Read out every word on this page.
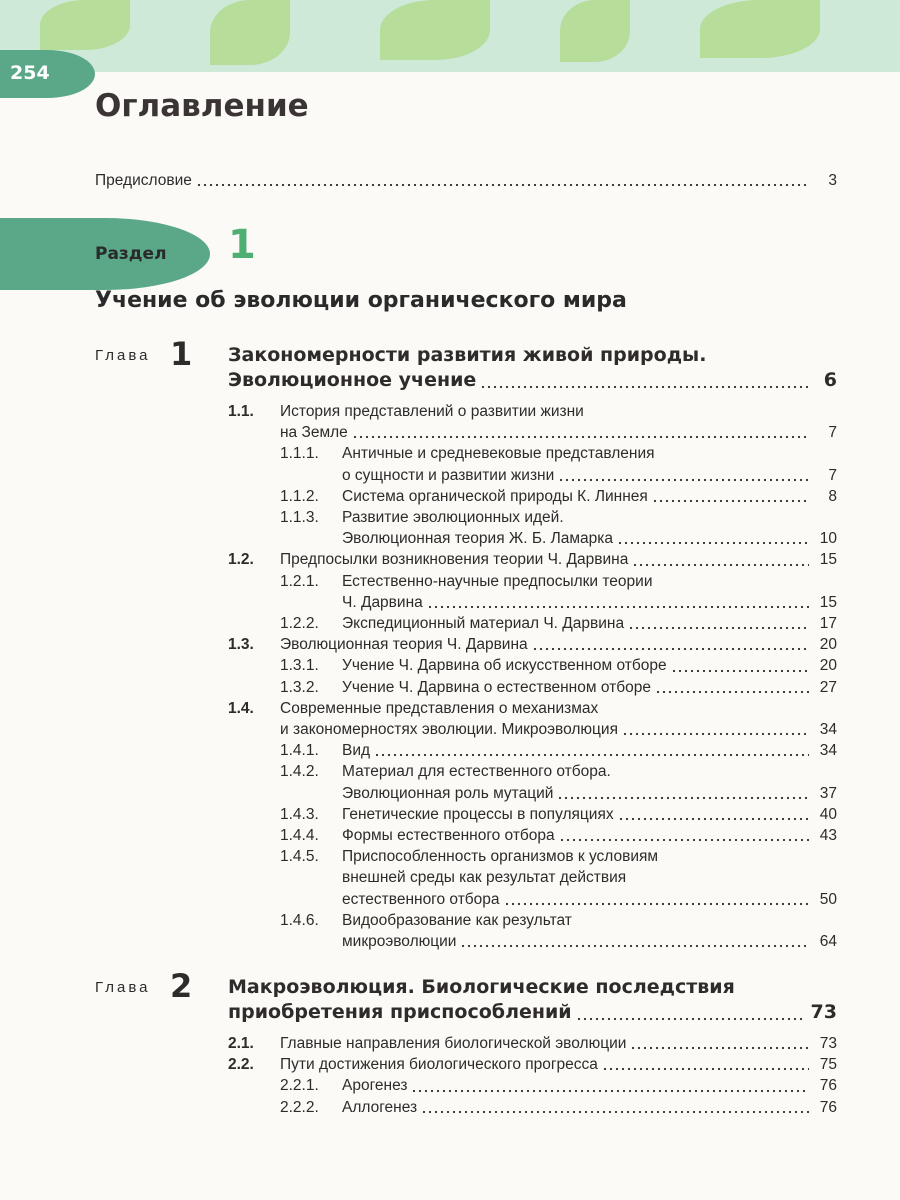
254
Оглавление
Предисловие	3
Раздел 1
Учение об эволюции органического мира
Глава 1 Закономерности развития живой природы.
Эволюционное учение	6
1.1.	История представлений о развитии жизни
на Земле	7
1.1.1.	Античные и средневековые представления
о сущности и развитии жизни	7
1.1.2.	Система органической природы К. Линнея	8
1.1.3.	Развитие эволюционных идей.
Эволюционная теория Ж. Б. Ламарка	10
1.2.	Предпосылки возникновения теории Ч. Дарвина	15
1.2.1.	Естественно-научные предпосылки теории
Ч. Дарвина	15
1.2.2.	Экспедиционный материал Ч. Дарвина	17
1.3.	Эволюционная теория Ч. Дарвина	20
1.3.1.	Учение Ч. Дарвина об искусственном отборе	20
1.3.2.	Учение Ч. Дарвина о естественном отборе	27
1.4.	Современные представления о механизмах
и закономерностях эволюции. Микроэволюция	34
1.4.1.	Вид	34
1.4.2.	Материал для естественного отбора.
Эволюционная роль мутаций	37
1.4.3.	Генетические процессы в популяциях	40
1.4.4.	Формы естественного отбора	43
1.4.5.	Приспособленность организмов к условиям
внешней среды как результат действия
естественного отбора	50
1.4.6.	Видообразование как результат
микроэволюции	64
Глава 2 Макроэволюция. Биологические последствия
приобретения приспособлений	73
2.1.	Главные направления биологической эволюции	73
2.2.	Пути достижения биологического прогресса	75
2.2.1.	Арогенез	76
2.2.2.	Аллогенез	76
